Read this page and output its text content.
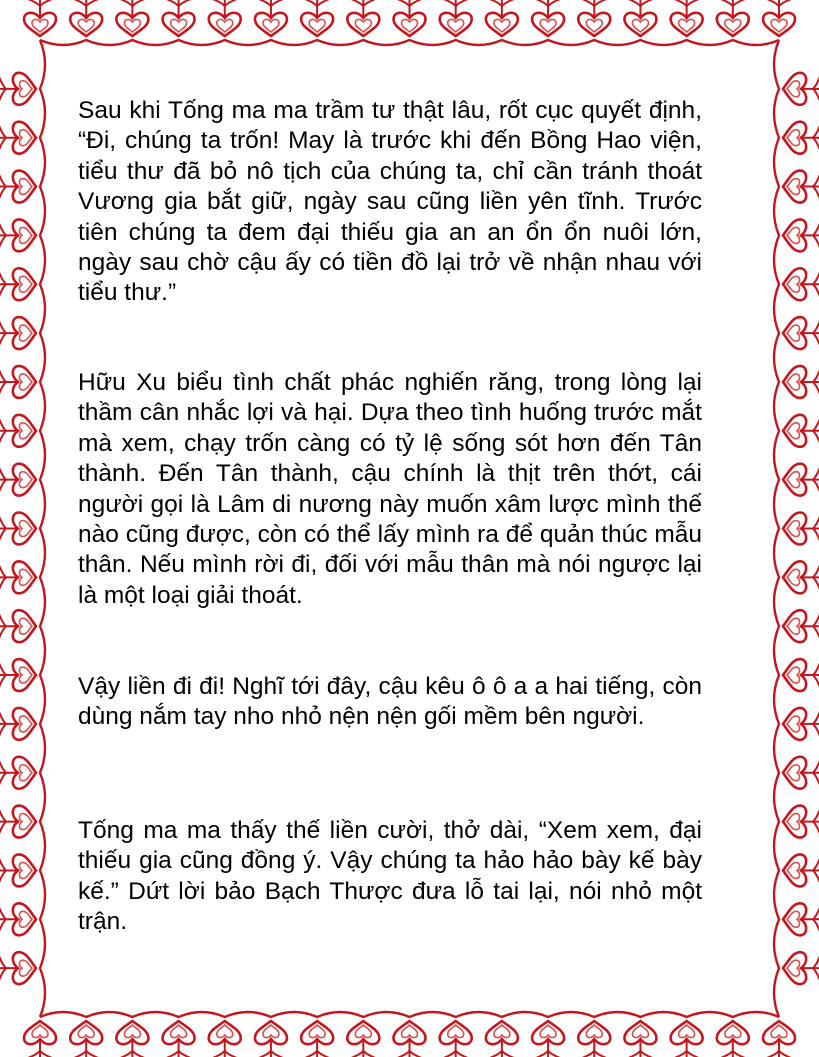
Sau khi Tống ma ma trầm tư thật lâu, rốt cục quyết định, “Đi, chúng ta trốn! May là trước khi đến Bồng Hao viện, tiểu thư đã bỏ nô tịch của chúng ta, chỉ cần tránh thoát Vương gia bắt giữ, ngày sau cũng liền yên tĩnh. Trước tiên chúng ta đem đại thiếu gia an an ổn ổn nuôi lớn, ngày sau chờ cậu ấy có tiền đồ lại trở về nhận nhau với tiểu thư.”

Hữu Xu biểu tình chất phác nghiến răng, trong lòng lại thầm cân nhắc lợi và hại. Dựa theo tình huống trước mắt mà xem, chạy trốn càng có tỷ lệ sống sót hơn đến Tân thành. Đến Tân thành, cậu chính là thịt trên thớt, cái người gọi là Lâm di nương này muốn xâm lược mình thế nào cũng được, còn có thể lấy mình ra để quản thúc mẫu thân. Nếu mình rời đi, đối với mẫu thân mà nói ngược lại là một loại giải thoát.

Vậy liền đi đi! Nghĩ tới đây, cậu kêu ô ô a a hai tiếng, còn dùng nắm tay nho nhỏ nện nện gối mềm bên người.

Tống ma ma thấy thế liền cười, thở dài, “Xem xem, đại thiếu gia cũng đồng ý. Vậy chúng ta hảo hảo bày kế bày kế.” Dứt lời bảo Bạch Thược đưa lỗ tai lại, nói nhỏ một trận.
